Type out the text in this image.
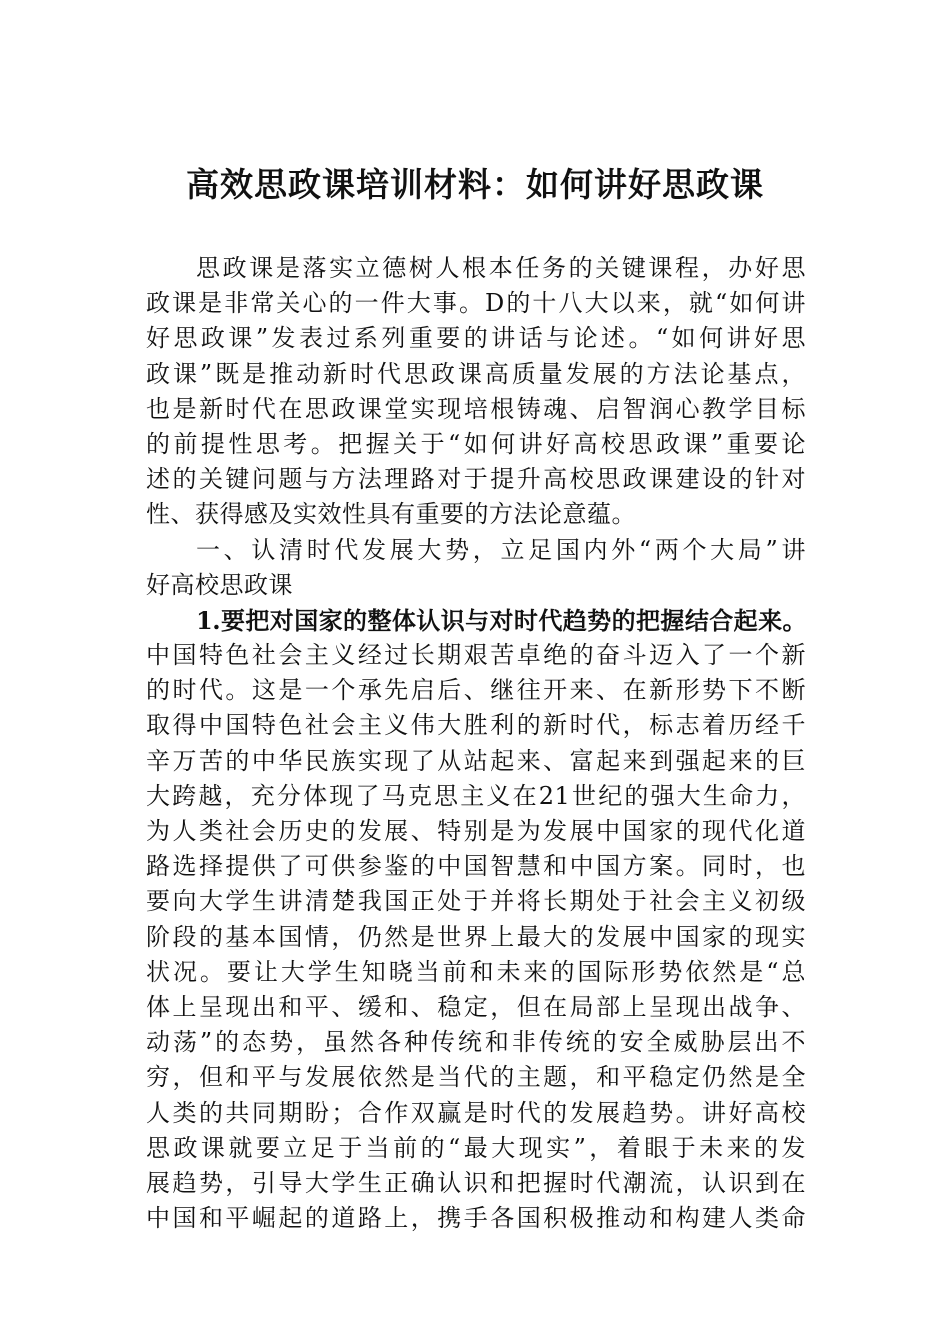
高效思政课培训材料：如何讲好思政课
思政课是落实立德树人根本任务的关键课程，办好思
政课是非常关心的一件大事。D的十八大以来，就“如何讲
好思政课”发表过系列重要的讲话与论述。“如何讲好思
政课”既是推动新时代思政课高质量发展的方法论基点，
也是新时代在思政课堂实现培根铸魂、启智润心教学目标
的前提性思考。把握关于“如何讲好高校思政课”重要论
述的关键问题与方法理路对于提升高校思政课建设的针对
性、获得感及实效性具有重要的方法论意蕴。
一、认清时代发展大势，立足国内外“两个大局”讲
好高校思政课
1.要把对国家的整体认识与对时代趋势的把握结合起来。
中国特色社会主义经过长期艰苦卓绝的奋斗迈入了一个新
的时代。这是一个承先启后、继往开来、在新形势下不断
取得中国特色社会主义伟大胜利的新时代，标志着历经千
辛万苦的中华民族实现了从站起来、富起来到强起来的巨
大跨越，充分体现了马克思主义在21世纪的强大生命力，
为人类社会历史的发展、特别是为发展中国家的现代化道
路选择提供了可供参鉴的中国智慧和中国方案。同时，也
要向大学生讲清楚我国正处于并将长期处于社会主义初级
阶段的基本国情，仍然是世界上最大的发展中国家的现实
状况。要让大学生知晓当前和未来的国际形势依然是“总
体上呈现出和平、缓和、稳定，但在局部上呈现出战争、
动荡”的态势，虽然各种传统和非传统的安全威胁层出不
穷，但和平与发展依然是当代的主题，和平稳定仍然是全
人类的共同期盼；合作双赢是时代的发展趋势。讲好高校
思政课就要立足于当前的“最大现实”，着眼于未来的发
展趋势，引导大学生正确认识和把握时代潮流，认识到在
中国和平崛起的道路上，携手各国积极推动和构建人类命
